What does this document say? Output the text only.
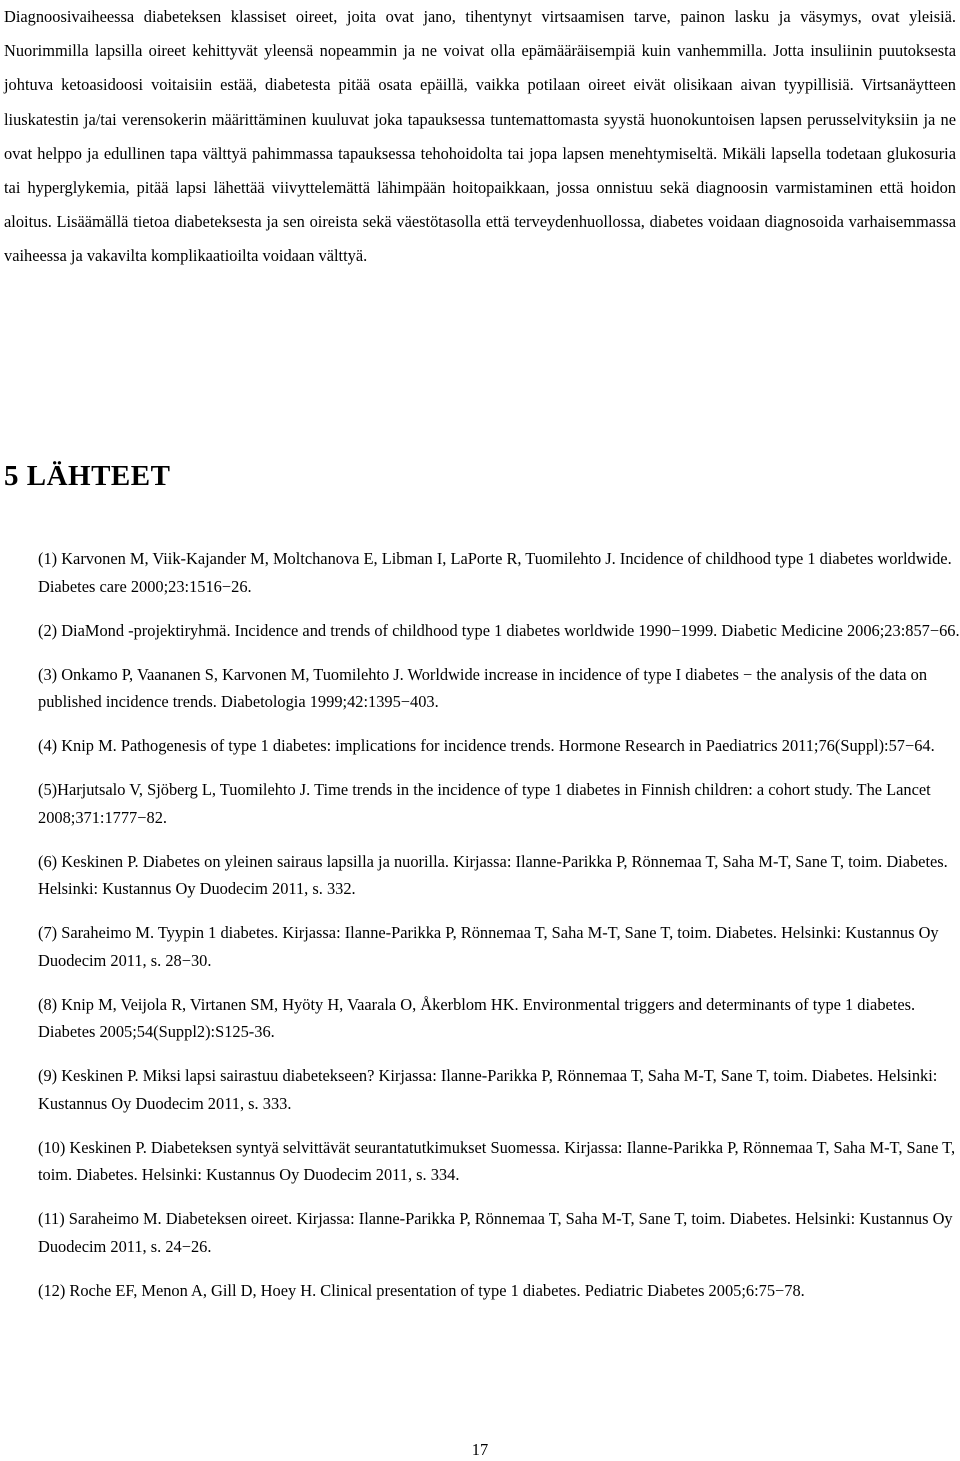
Diagnoosivaiheessa diabeteksen klassiset oireet, joita ovat jano, tihentynyt virtsaamisen tarve, painon lasku ja väsymys, ovat yleisiä. Nuorimmilla lapsilla oireet kehittyvät yleensä nopeammin ja ne voivat olla epämääräisempiä kuin vanhemmilla. Jotta insuliinin puutoksesta johtuva ketoasidoosi voitaisiin estää, diabetesta pitää osata epäillä, vaikka potilaan oireet eivät olisikaan aivan tyypillisiä. Virtsanäytteen liuskatestin ja/tai verensokerin määrittäminen kuuluvat joka tapauksessa tuntemattomasta syystä huonokuntoisen lapsen perusselvityksiin ja ne ovat helppo ja edullinen tapa välttyä pahimmassa tapauksessa tehohoidolta tai jopa lapsen menehtymiseltä. Mikäli lapsella todetaan glukosuria tai hyperglykemia, pitää lapsi lähettää viivyttelemättä lähimpään hoitopaikkaan, jossa onnistuu sekä diagnoosin varmistaminen että hoidon aloitus. Lisäämällä tietoa diabeteksesta ja sen oireista sekä väestötasolla että terveydenhuollossa, diabetes voidaan diagnosoida varhaisemmassa vaiheessa ja vakavilta komplikaatioilta voidaan välttyä.

5 LÄHTEET
(1) Karvonen M, Viik-Kajander M, Moltchanova E, Libman I, LaPorte R, Tuomilehto J. Incidence of childhood type 1 diabetes worldwide. Diabetes care 2000;23:1516−26.
(2) DiaMond -projektiryhmä. Incidence and trends of childhood type 1 diabetes worldwide 1990−1999. Diabetic Medicine 2006;23:857−66.
(3) Onkamo P, Vaananen S, Karvonen M, Tuomilehto J. Worldwide increase in incidence of type I diabetes − the analysis of the data on published incidence trends. Diabetologia 1999;42:1395−403.
(4) Knip M. Pathogenesis of type 1 diabetes: implications for incidence trends. Hormone Research in Paediatrics 2011;76(Suppl):57−64.
(5)Harjutsalo V, Sjöberg L, Tuomilehto J. Time trends in the incidence of type 1 diabetes in Finnish children: a cohort study. The Lancet 2008;371:1777−82.
(6) Keskinen P. Diabetes on yleinen sairaus lapsilla ja nuorilla. Kirjassa: Ilanne-Parikka P, Rönnemaa T, Saha M-T, Sane T, toim. Diabetes. Helsinki: Kustannus Oy Duodecim 2011, s. 332.
(7) Saraheimo M. Tyypin 1 diabetes. Kirjassa: Ilanne-Parikka P, Rönnemaa T, Saha M-T, Sane T, toim. Diabetes. Helsinki: Kustannus Oy Duodecim 2011, s. 28−30.
(8) Knip M, Veijola R, Virtanen SM, Hyöty H, Vaarala O, Åkerblom HK. Environmental triggers and determinants of type 1 diabetes. Diabetes 2005;54(Suppl2):S125-36.
(9) Keskinen P. Miksi lapsi sairastuu diabetekseen? Kirjassa: Ilanne-Parikka P, Rönnemaa T, Saha M-T, Sane T, toim. Diabetes. Helsinki: Kustannus Oy Duodecim 2011, s. 333.
(10) Keskinen P. Diabeteksen syntyä selvittävät seurantatutkimukset Suomessa. Kirjassa: Ilanne-Parikka P, Rönnemaa T, Saha M-T, Sane T, toim. Diabetes. Helsinki: Kustannus Oy Duodecim 2011, s. 334.
(11) Saraheimo M. Diabeteksen oireet. Kirjassa: Ilanne-Parikka P, Rönnemaa T, Saha M-T, Sane T, toim. Diabetes. Helsinki: Kustannus Oy Duodecim 2011, s. 24−26.
(12) Roche EF, Menon A, Gill D, Hoey H. Clinical presentation of type 1 diabetes. Pediatric Diabetes 2005;6:75−78.
17
